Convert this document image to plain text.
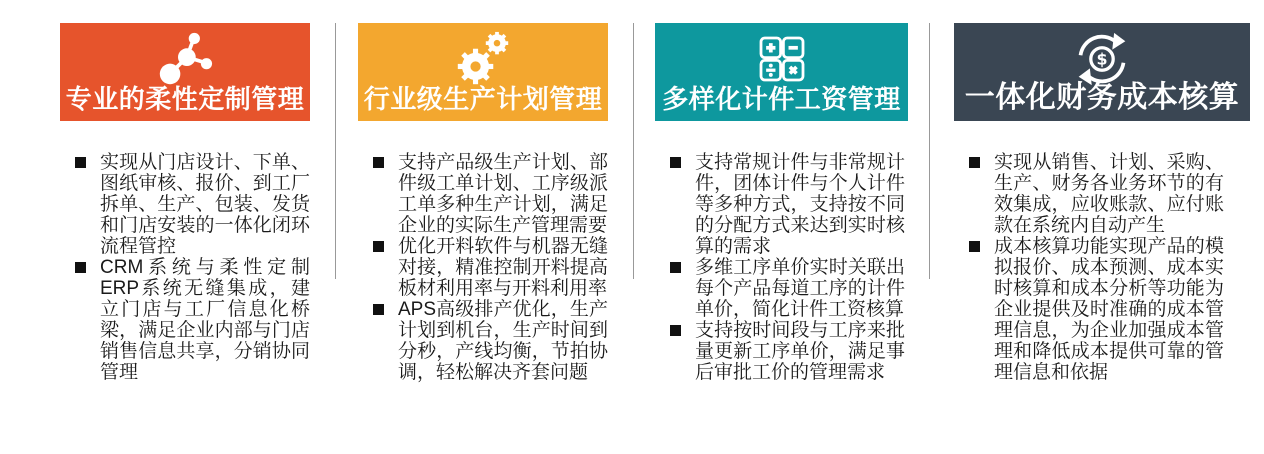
专业的柔性定制管理
实现从门店设计、下单、图纸审核、报价、到工厂拆单、生产、包装、发货和门店安装的一体化闭环流程管控
CRM系统与柔性定制ERP系统无缝集成，建立门店与工厂信息化桥梁，满足企业内部与门店销售信息共享，分销协同管理
行业级生产计划管理
支持产品级生产计划、部件级工单计划、工序级派工单多种生产计划，满足企业的实际生产管理需要
优化开料软件与机器无缝对接，精准控制开料提高板材利用率与开料利用率
APS高级排产优化，生产计划到机台，生产时间到分秒，产线均衡，节拍协调，轻松解决齐套问题
多样化计件工资管理
支持常规计件与非常规计件，团体计件与个人计件等多种方式，支持按不同的分配方式来达到实时核算的需求
多维工序单价实时关联出每个产品每道工序的计件单价，简化计件工资核算
支持按时间段与工序来批量更新工序单价，满足事后审批工价的管理需求
$
一体化财务成本核算
实现从销售、计划、采购、生产、财务各业务环节的有效集成，应收账款、应付账款在系统内自动产生
成本核算功能实现产品的模拟报价、成本预测、成本实时核算和成本分析等功能为企业提供及时准确的成本管理信息，为企业加强成本管理和降低成本提供可靠的管理信息和依据
